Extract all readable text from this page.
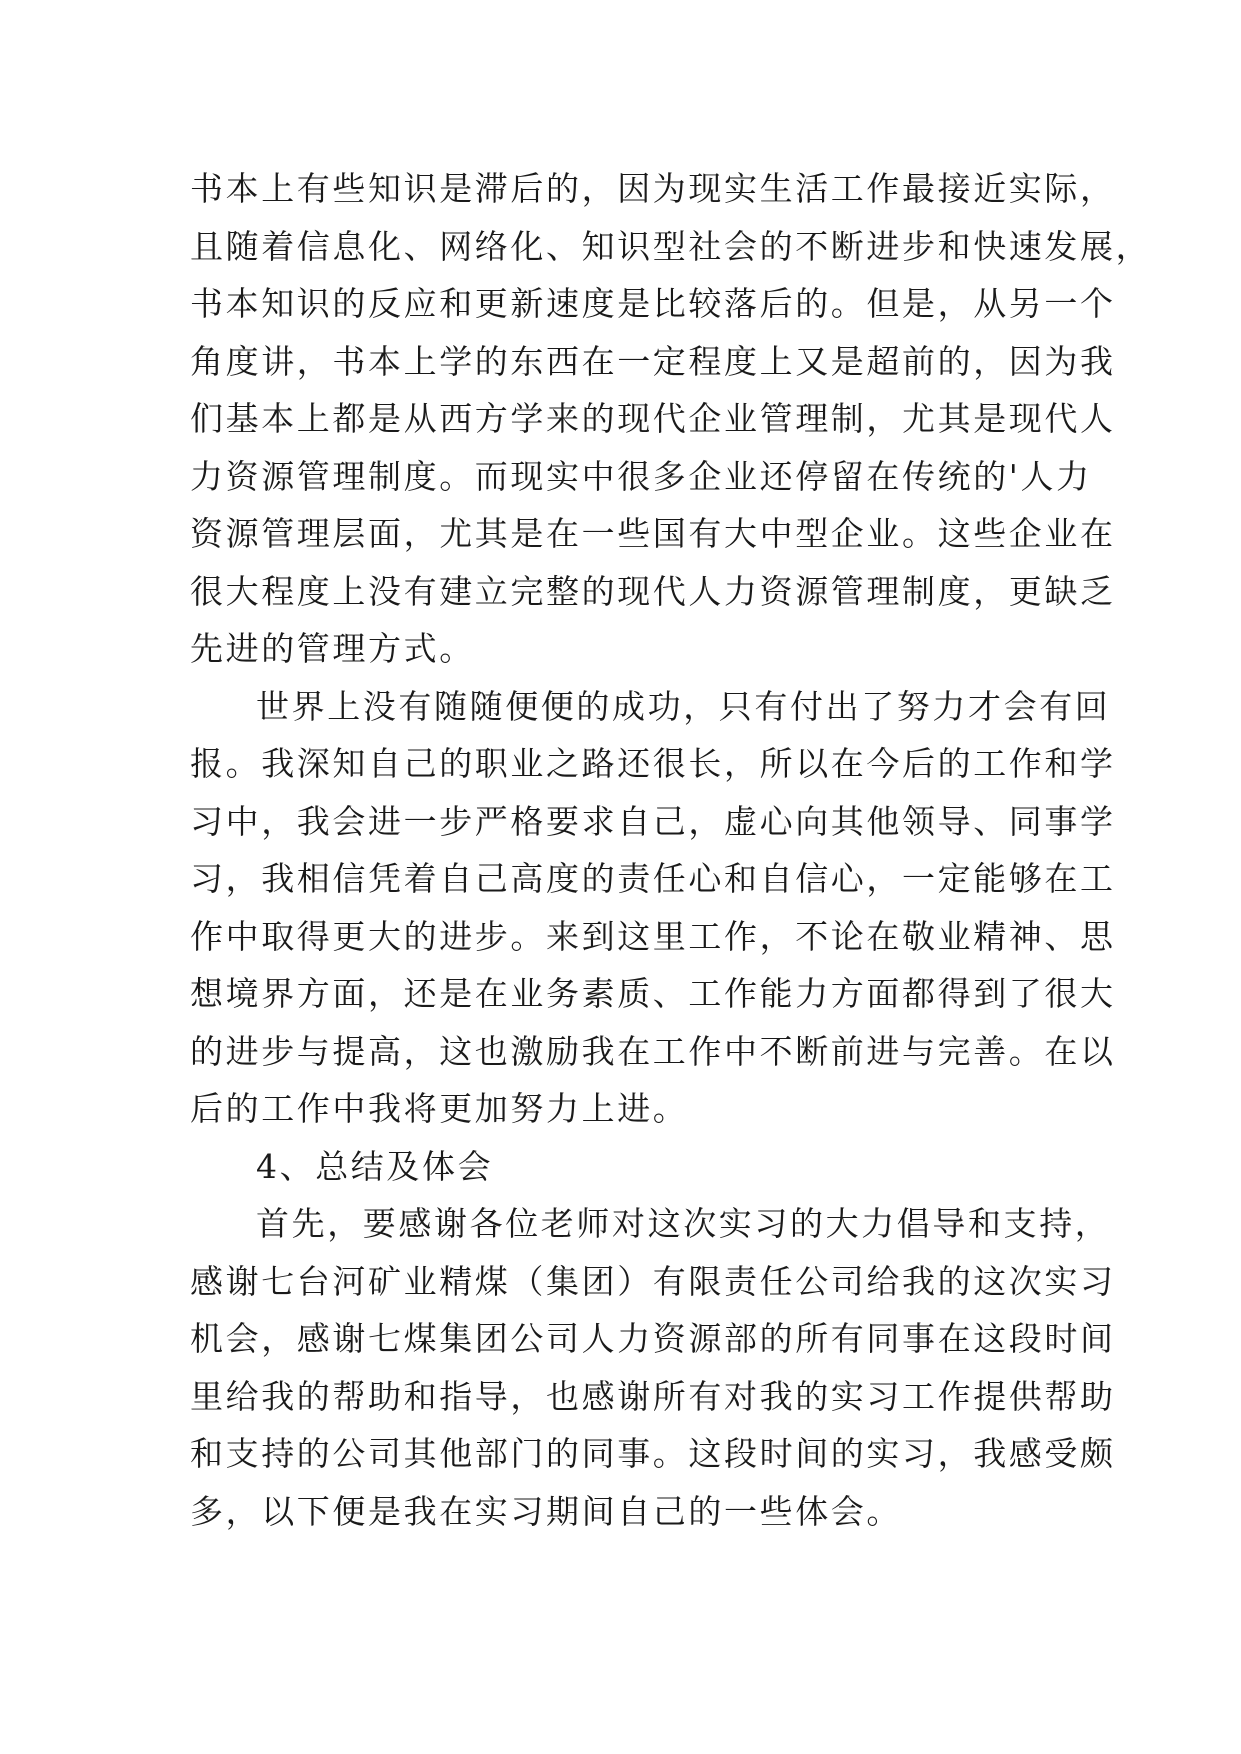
书本上有些知识是滞后的，因为现实生活工作最接近实际，
且随着信息化、网络化、知识型社会的不断进步和快速发展，
书本知识的反应和更新速度是比较落后的。但是，从另一个
角度讲，书本上学的东西在一定程度上又是超前的，因为我
们基本上都是从西方学来的现代企业管理制，尤其是现代人
力资源管理制度。而现实中很多企业还停留在传统的'人力
资源管理层面，尤其是在一些国有大中型企业。这些企业在
很大程度上没有建立完整的现代人力资源管理制度，更缺乏
先进的管理方式。
世界上没有随随便便的成功，只有付出了努力才会有回
报。我深知自己的职业之路还很长，所以在今后的工作和学
习中，我会进一步严格要求自己，虚心向其他领导、同事学
习，我相信凭着自己高度的责任心和自信心，一定能够在工
作中取得更大的进步。来到这里工作，不论在敬业精神、思
想境界方面，还是在业务素质、工作能力方面都得到了很大
的进步与提高，这也激励我在工作中不断前进与完善。在以
后的工作中我将更加努力上进。
4、总结及体会
首先，要感谢各位老师对这次实习的大力倡导和支持，
感谢七台河矿业精煤（集团）有限责任公司给我的这次实习
机会，感谢七煤集团公司人力资源部的所有同事在这段时间
里给我的帮助和指导，也感谢所有对我的实习工作提供帮助
和支持的公司其他部门的同事。这段时间的实习，我感受颇
多，以下便是我在实习期间自己的一些体会。
